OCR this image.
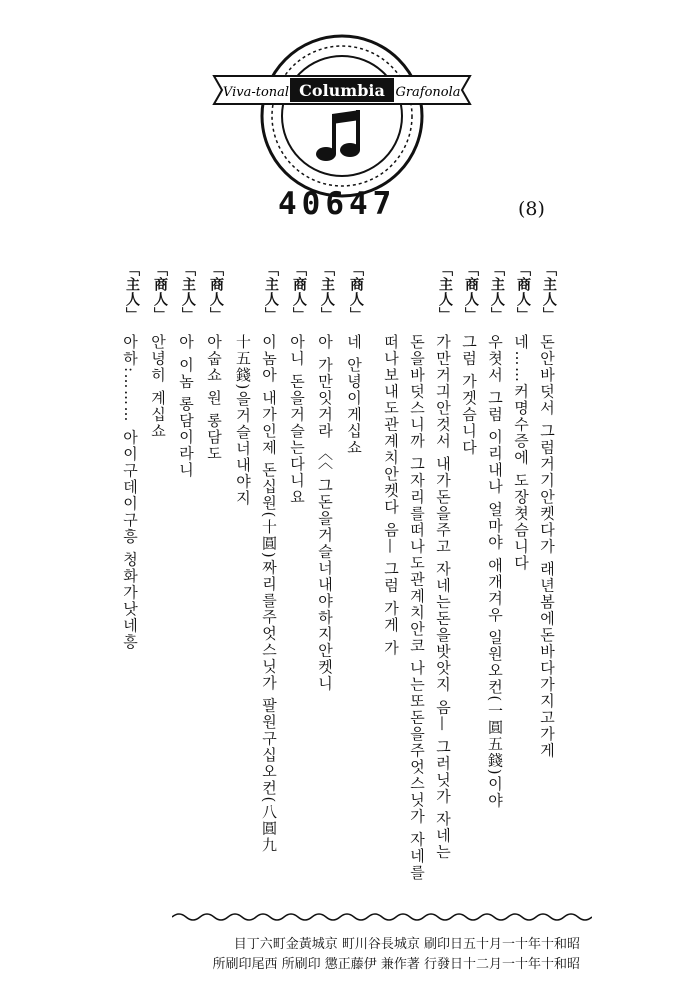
Viva-tonal Columbia Grafonola
40647	(8)
「主人」
돈안바덧서 그럼거기안켓다가 래년봄에돈바다가지고가게
「商人」
네……커명수증에 도장쳣슴니다
「主人」
우쳣서 그럼 이리내나 얼마야 애개겨우 일원오컨(一圓五錢)이야
「商人」
그럼 가겟슴니다
「主人」
가만거긔안것서 내가돈을주고 자네는돈을밧앗지 음— 그러닛가 자네는
돈을바덧스니까 그자리를떠나도관계치안코 나는또돈을주엇스닛가 자네를
떠나보내도관계치안켓다 음— 그럼 가게 가
「商人」
네 안녕이게십쇼
「主人」
아 가만잇거라 〈〈 그돈을거슬너내야하지안켓니
「商人」
아니 돈을거슬는다니요
「主人」
이놈아 내가인제 돈십원(十圓)짜리를주엇스닛가 팔원구십오컨(八圓九
十五錢)을거슬너내야지
「商人」
아숩쇼 원 롱담도
「主人」
아 이놈 롱담이라니
「商人」
안녕히 계십쇼
「主人」
아하:……… 아이구데이구흥 청화가낫네흥
昭和十年十一月十五日印刷 京城長谷川町 京城黃金町六丁目
昭和十年十一月二十日發行 著作兼 伊藤正懲 印刷所 西尾印刷所
